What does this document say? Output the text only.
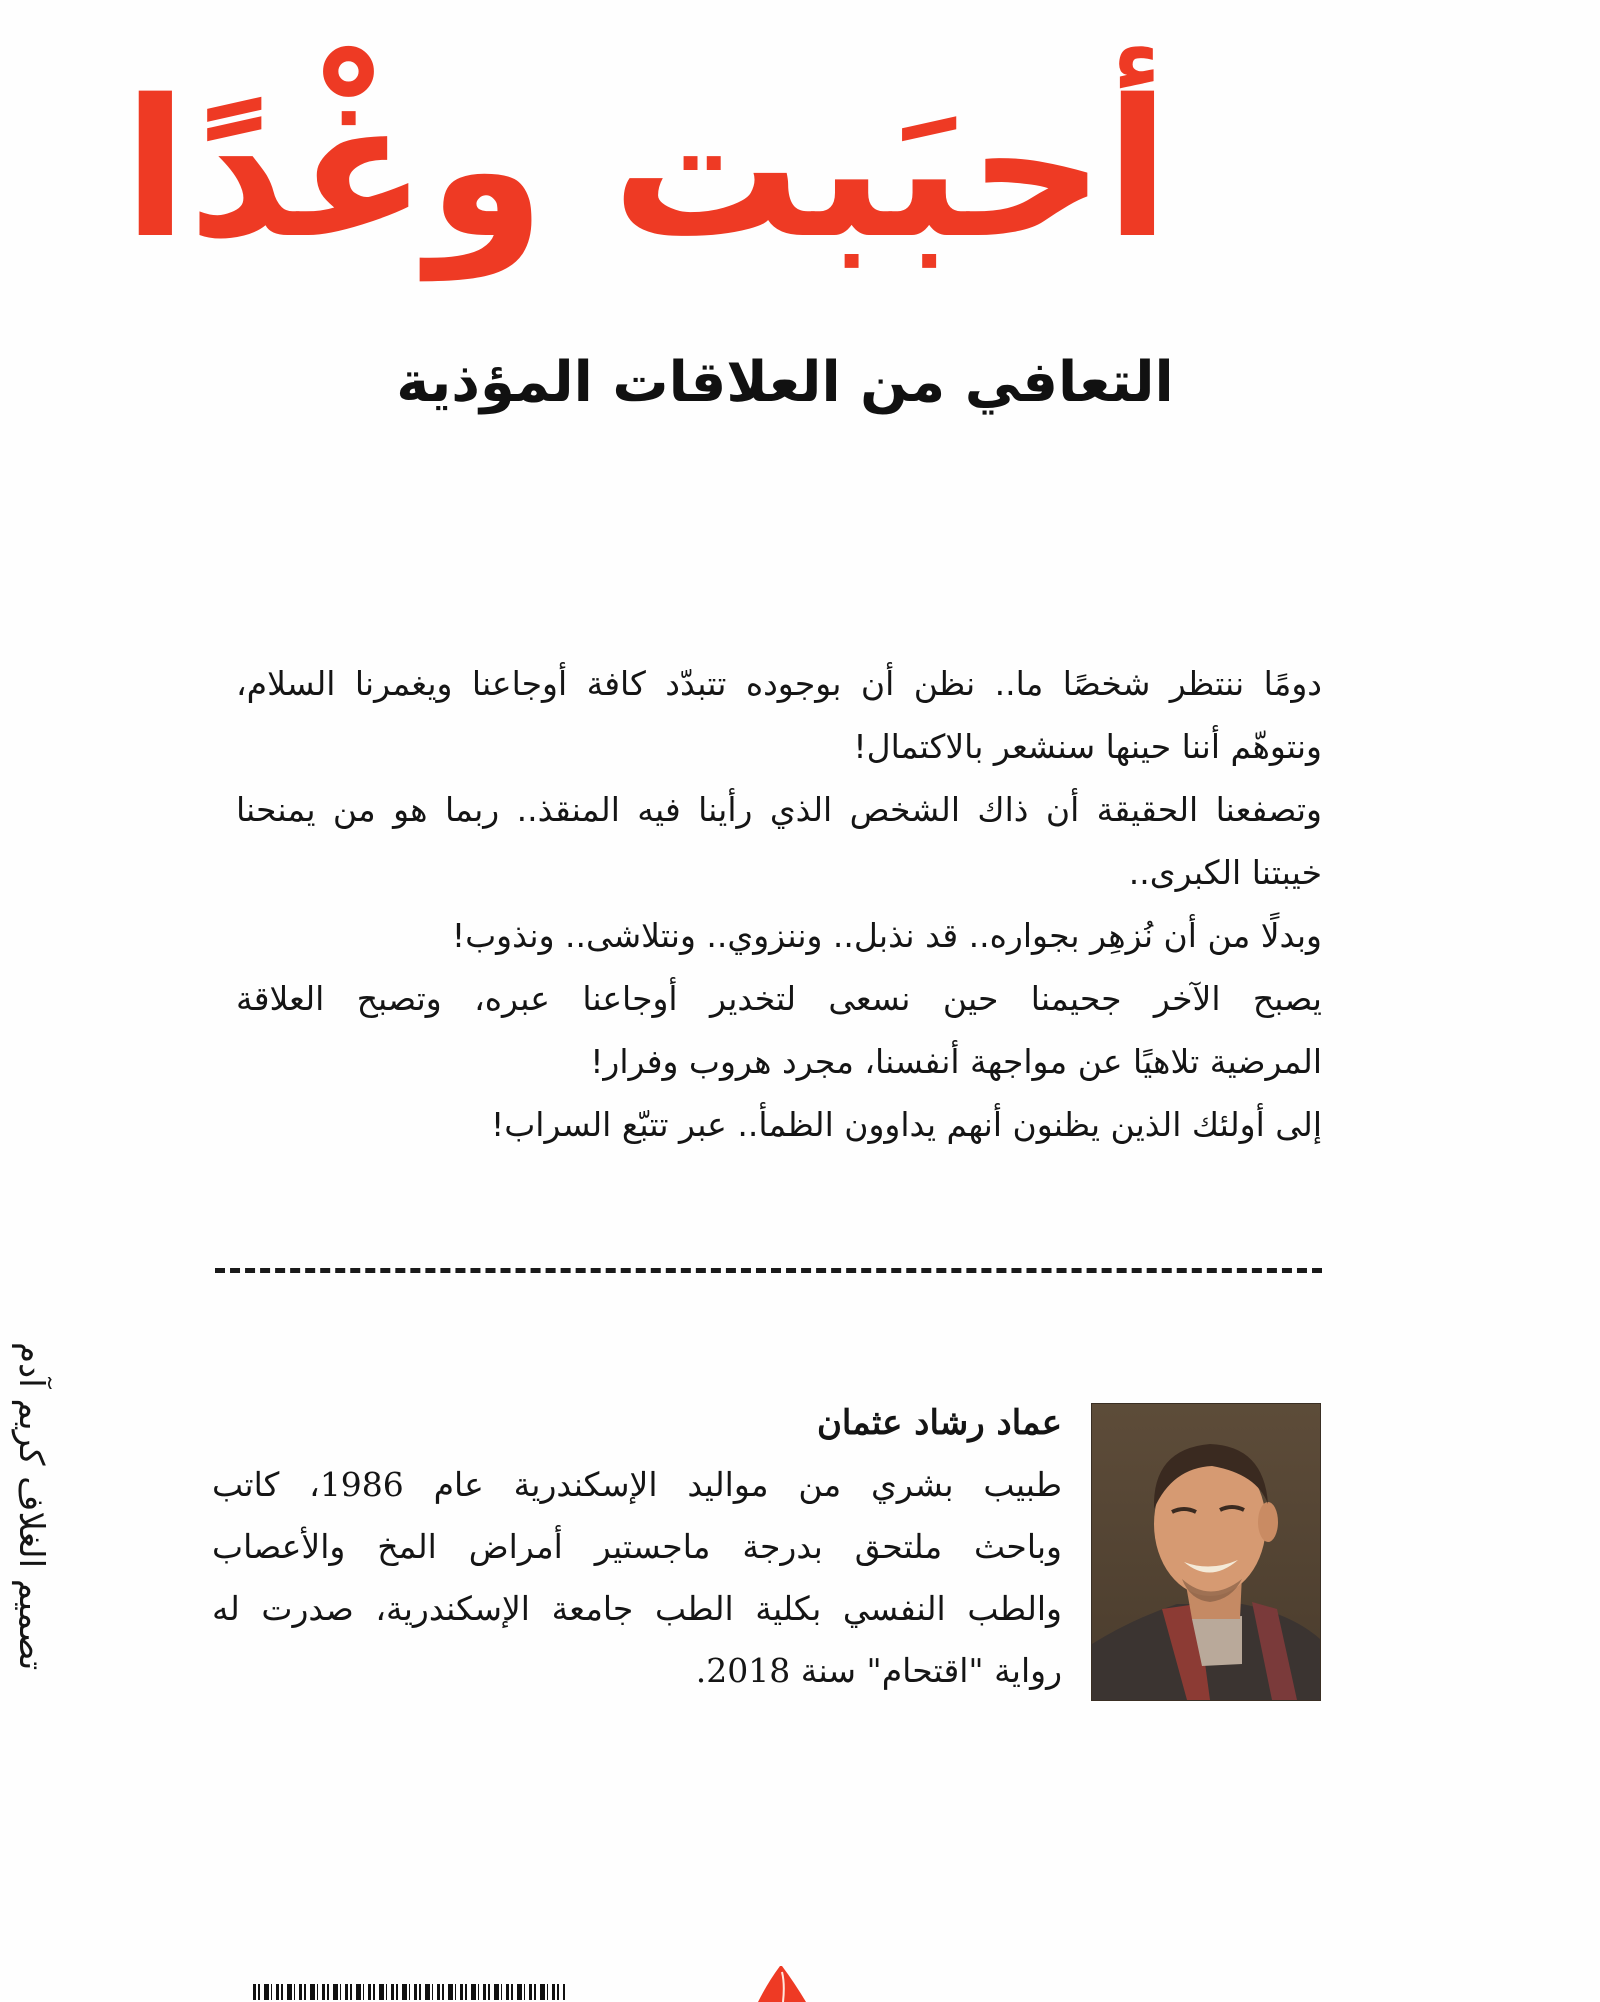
أحبَبت وغْدًا
التعافي من العلاقات المؤذية
دومًا ننتظر شخصًا ما.. نظن أن بوجوده تتبدّد كافة أوجاعنا ويغمرنا السلام،
ونتوهّم أننا حينها سنشعر بالاكتمال!
وتصفعنا الحقيقة أن ذاك الشخص الذي رأينا فيه المنقذ.. ربما هو من يمنحنا
خيبتنا الكبرى..
وبدلًا من أن نُزهِر بجواره.. قد نذبل.. وننزوي.. ونتلاشى.. ونذوب!
يصبح الآخر جحيمنا حين نسعى لتخدير أوجاعنا عبره، وتصبح العلاقة
المرضية تلاهيًا عن مواجهة أنفسنا، مجرد هروب وفرار!
إلى أولئك الذين يظنون أنهم يداوون الظمأ.. عبر تتبّع السراب!
عماد رشاد عثمان
طبيب بشري من مواليد الإسكندرية عام 1986، كاتب
وباحث ملتحق بدرجة ماجستير أمراض المخ والأعصاب
والطب النفسي بكلية الطب جامعة الإسكندرية، صدرت له
رواية "اقتحام" سنة 2018.
تصميم الغلاف كريم آدم
